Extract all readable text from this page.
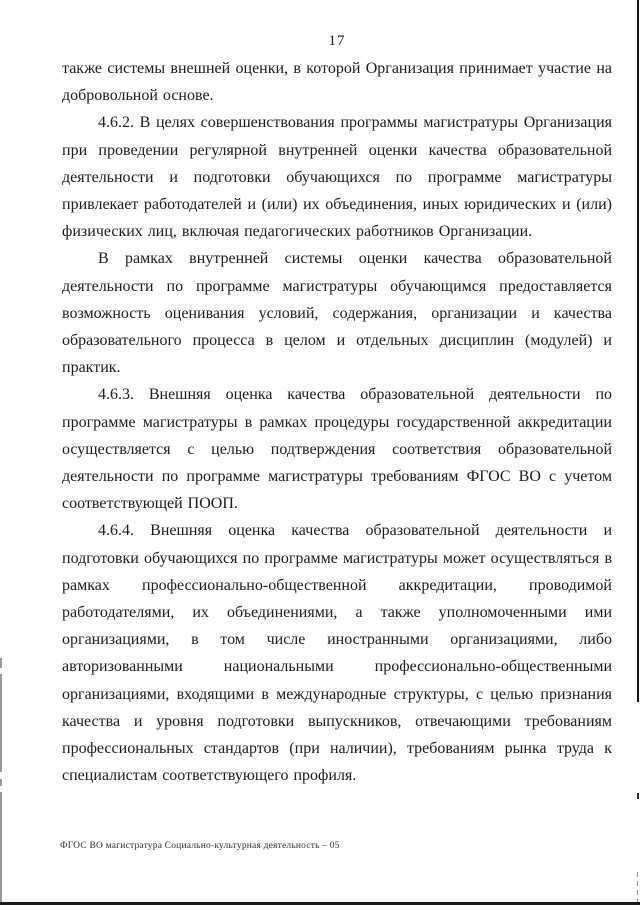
17

также системы внешней оценки, в которой Организация принимает участие на добровольной основе.

4.6.2. В целях совершенствования программы магистратуры Организация при проведении регулярной внутренней оценки качества образовательной деятельности и подготовки обучающихся по программе магистратуры привлекает работодателей и (или) их объединения, иных юридических и (или) физических лиц, включая педагогических работников Организации.

В рамках внутренней системы оценки качества образовательной деятельности по программе магистратуры обучающимся предоставляется возможность оценивания условий, содержания, организации и качества образовательного процесса в целом и отдельных дисциплин (модулей) и практик.

4.6.3. Внешняя оценка качества образовательной деятельности по программе магистратуры в рамках процедуры государственной аккредитации осуществляется с целью подтверждения соответствия образовательной деятельности по программе магистратуры требованиям ФГОС ВО с учетом соответствующей ПООП.

4.6.4. Внешняя оценка качества образовательной деятельности и подготовки обучающихся по программе магистратуры может осуществляться в рамках профессионально-общественной аккредитации, проводимой работодателями, их объединениями, а также уполномоченными ими организациями, в том числе иностранными организациями, либо авторизованными национальными профессионально-общественными организациями, входящими в международные структуры, с целью признания качества и уровня подготовки выпускников, отвечающими требованиям профессиональных стандартов (при наличии), требованиям рынка труда к специалистам соответствующего профиля.

ФГОС ВО магистратура Социально-культурная деятельность – 05
